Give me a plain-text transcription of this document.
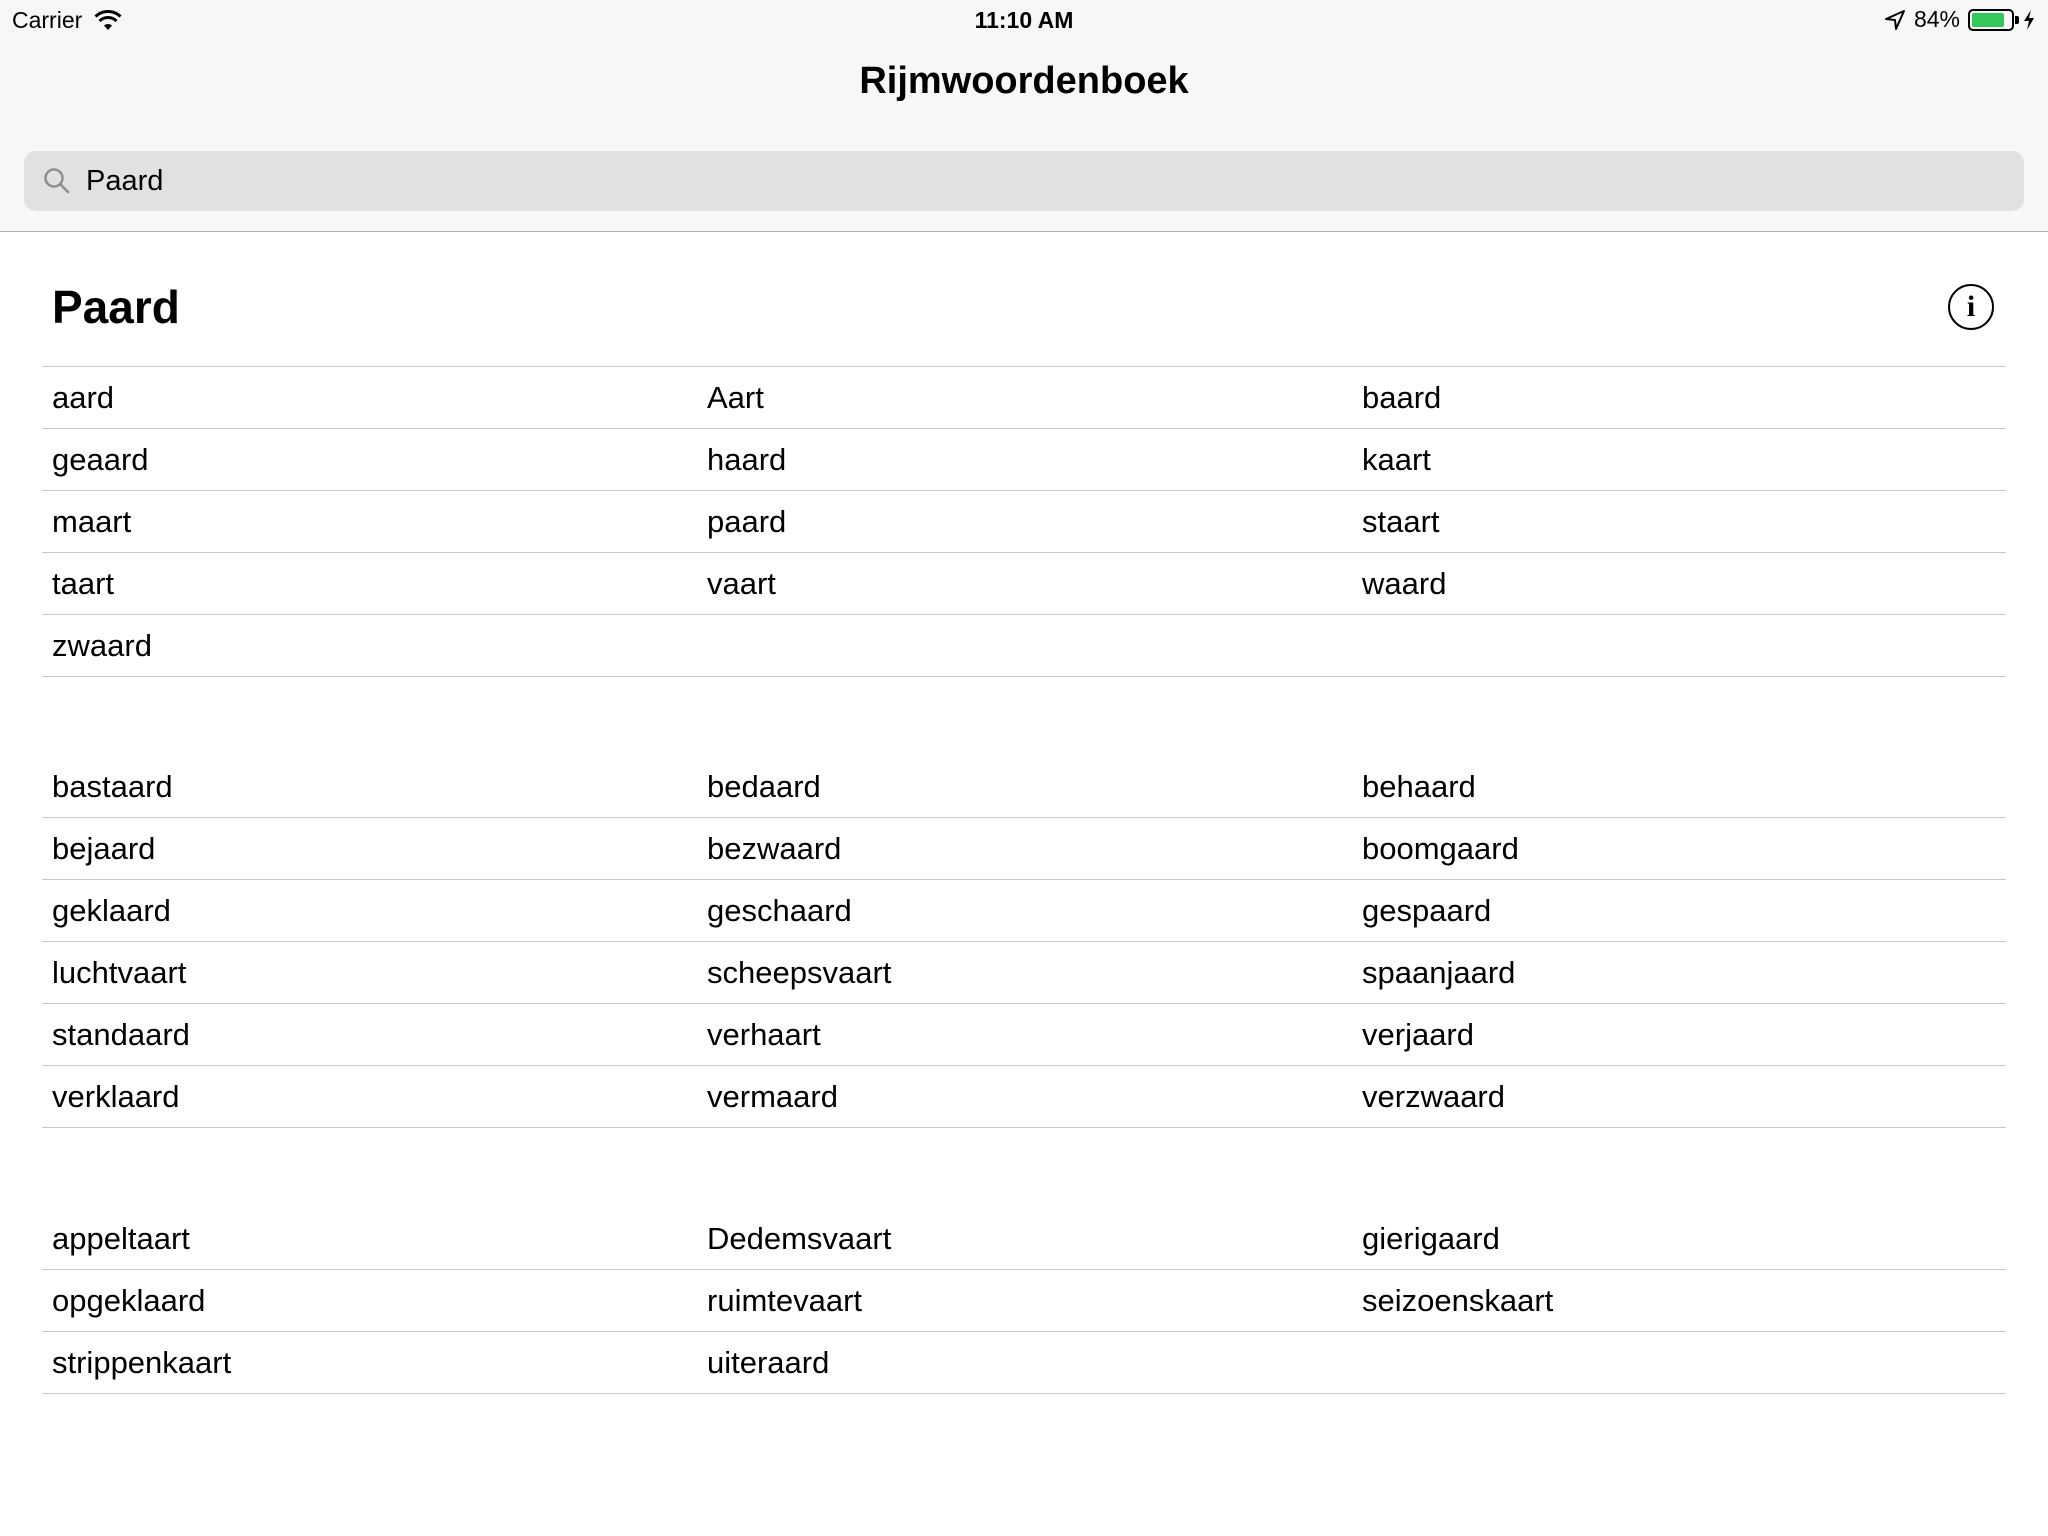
Carrier	11:10 AM	84%
Rijmwoordenboek
Paard
Paard	i
aard	Aart	baard
geaard	haard	kaart
maart	paard	staart
taart	vaart	waard
zwaard
bastaard	bedaard	behaard
bejaard	bezwaard	boomgaard
geklaard	geschaard	gespaard
luchtvaart	scheepsvaart	spaanjaard
standaard	verhaart	verjaard
verklaard	vermaard	verzwaard
appeltaart	Dedemsvaart	gierigaard
opgeklaard	ruimtevaart	seizoenskaart
strippenkaart	uiteraard
